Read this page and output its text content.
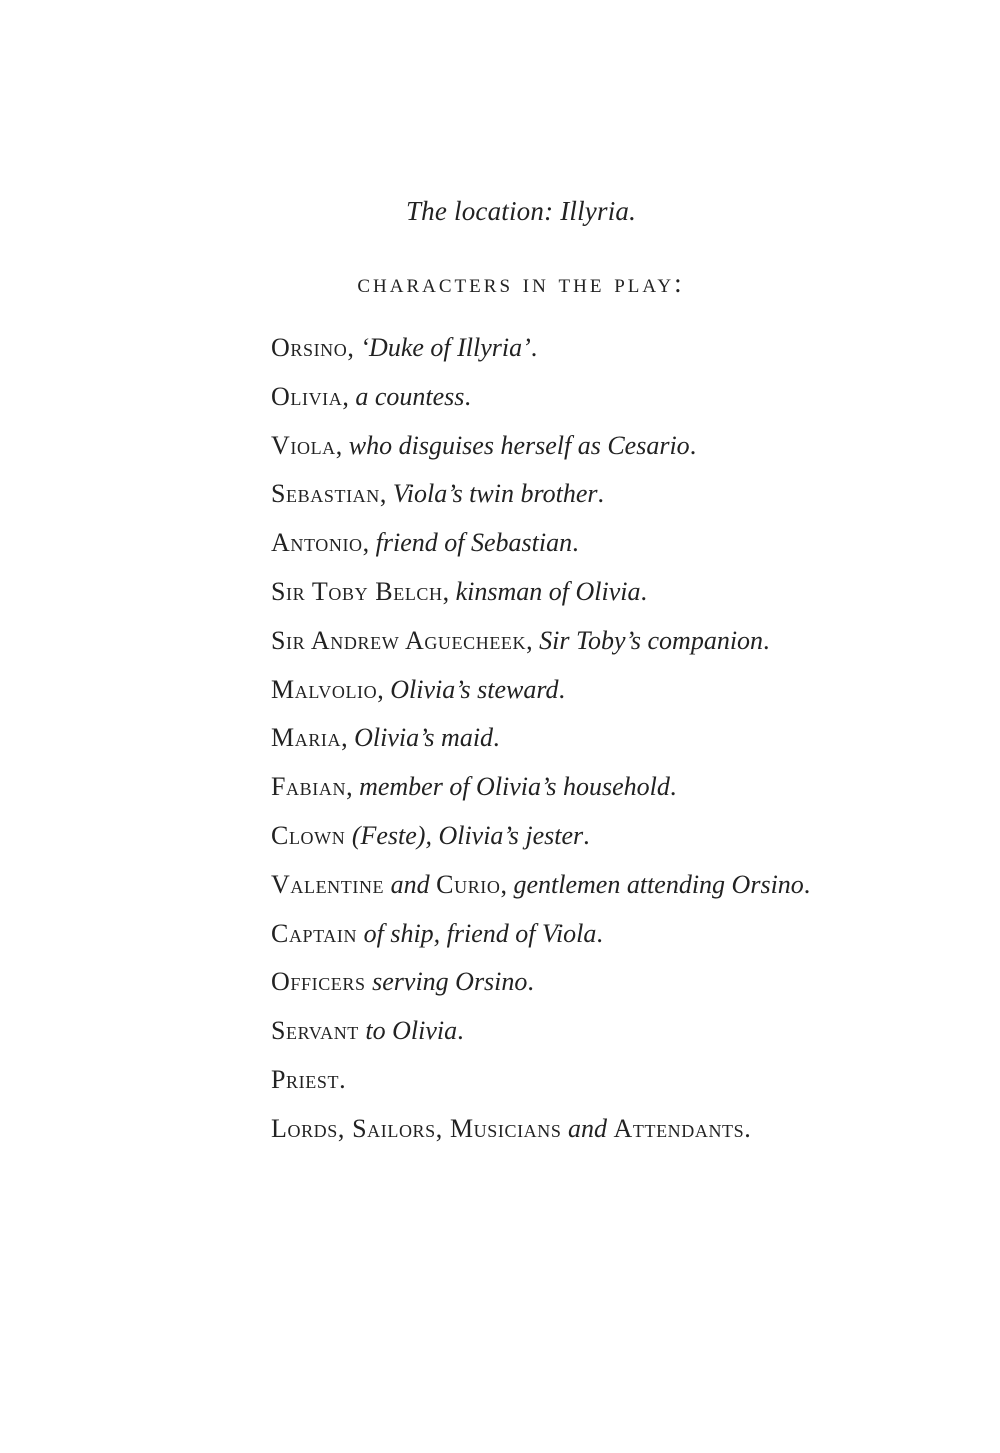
The location: Illyria.

characters in the play:
Orsino, ‘Duke of Illyria’.
Olivia, a countess.
Viola, who disguises herself as Cesario.
Sebastian, Viola’s twin brother.
Antonio, friend of Sebastian.
Sir Toby Belch, kinsman of Olivia.
Sir Andrew Aguecheek, Sir Toby’s companion.
Malvolio, Olivia’s steward.
Maria, Olivia’s maid.
Fabian, member of Olivia’s household.
Clown (Feste), Olivia’s jester.
Valentine and Curio, gentlemen attending Orsino.
Captain of ship, friend of Viola.
Officers serving Orsino.
Servant to Olivia.
Priest.
Lords, Sailors, Musicians and Attendants.
